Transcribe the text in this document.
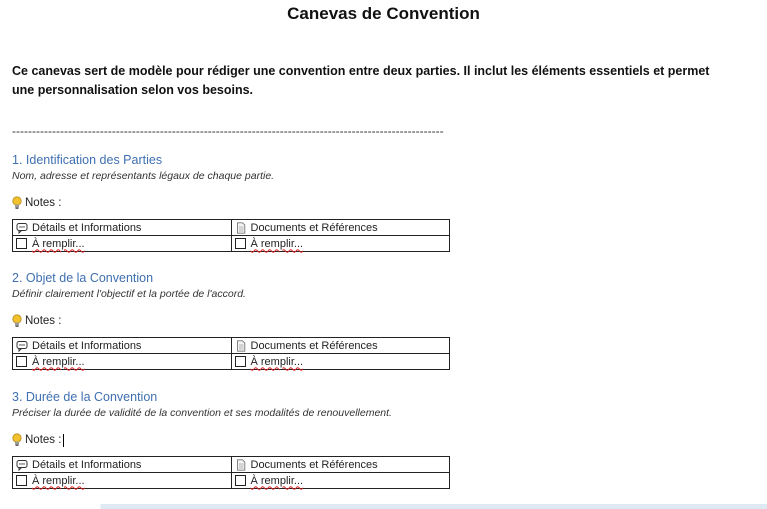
Canevas de Convention
Ce canevas sert de modèle pour rédiger une convention entre deux parties. Il inclut les éléments essentiels et permet une personnalisation selon vos besoins.
------------------------------------------------------------------------------------------------------------
1. Identification des Parties
Nom, adresse et représentants légaux de chaque partie.
Notes :
Détails et Informations	Documents et Références

À remplir...	À remplir...
2. Objet de la Convention
Définir clairement l'objectif et la portée de l'accord.
Notes :
Détails et Informations	Documents et Références

À remplir...	À remplir...
3. Durée de la Convention
Préciser la durée de validité de la convention et ses modalités de renouvellement.
Notes :
Détails et Informations	Documents et Références

À remplir...	À remplir...
